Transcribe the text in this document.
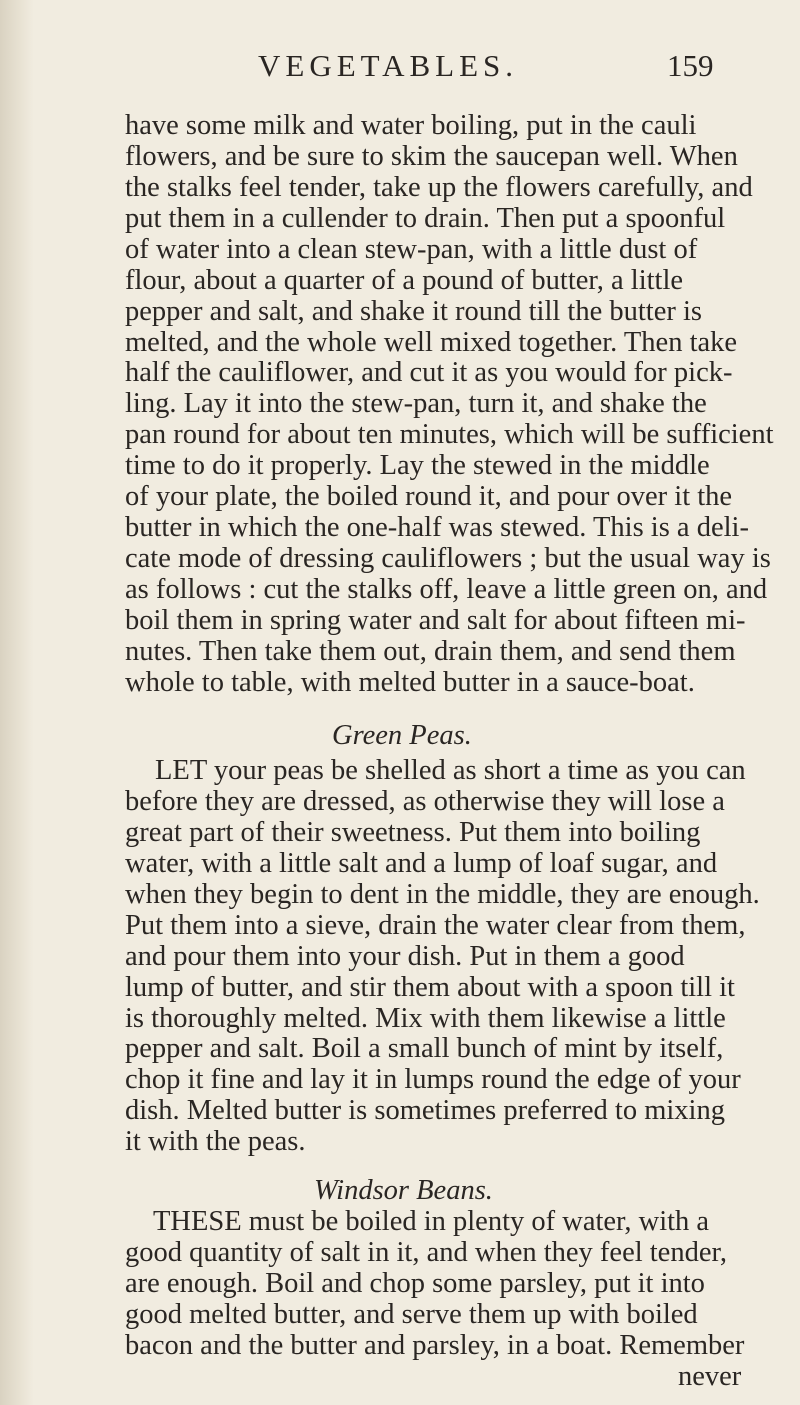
VEGETABLES.	159
have some milk and water boiling, put in the cauli
flowers, and be sure to skim the saucepan well. When
the stalks feel tender, take up the flowers carefully, and
put them in a cullender to drain. Then put a spoonful
of water into a clean stew-pan, with a little dust of
flour, about a quarter of a pound of butter, a little
pepper and salt, and shake it round till the butter is
melted, and the whole well mixed together. Then take
half the cauliflower, and cut it as you would for pick-
ling. Lay it into the stew-pan, turn it, and shake the
pan round for about ten minutes, which will be sufficient
time to do it properly. Lay the stewed in the middle
of your plate, the boiled round it, and pour over it the
butter in which the one-half was stewed. This is a deli-
cate mode of dressing cauliflowers ; but the usual way is
as follows : cut the stalks off, leave a little green on, and
boil them in spring water and salt for about fifteen mi-
nutes. Then take them out, drain them, and send them
whole to table, with melted butter in a sauce-boat.
Green Peas.
LET your peas be shelled as short a time as you can
before they are dressed, as otherwise they will lose a
great part of their sweetness. Put them into boiling
water, with a little salt and a lump of loaf sugar, and
when they begin to dent in the middle, they are enough.
Put them into a sieve, drain the water clear from them,
and pour them into your dish. Put in them a good
lump of butter, and stir them about with a spoon till it
is thoroughly melted. Mix with them likewise a little
pepper and salt. Boil a small bunch of mint by itself,
chop it fine and lay it in lumps round the edge of your
dish. Melted butter is sometimes preferred to mixing
it with the peas.
Windsor Beans.
THESE must be boiled in plenty of water, with a
good quantity of salt in it, and when they feel tender,
are enough. Boil and chop some parsley, put it into
good melted butter, and serve them up with boiled
bacon and the butter and parsley, in a boat. Remember
never
